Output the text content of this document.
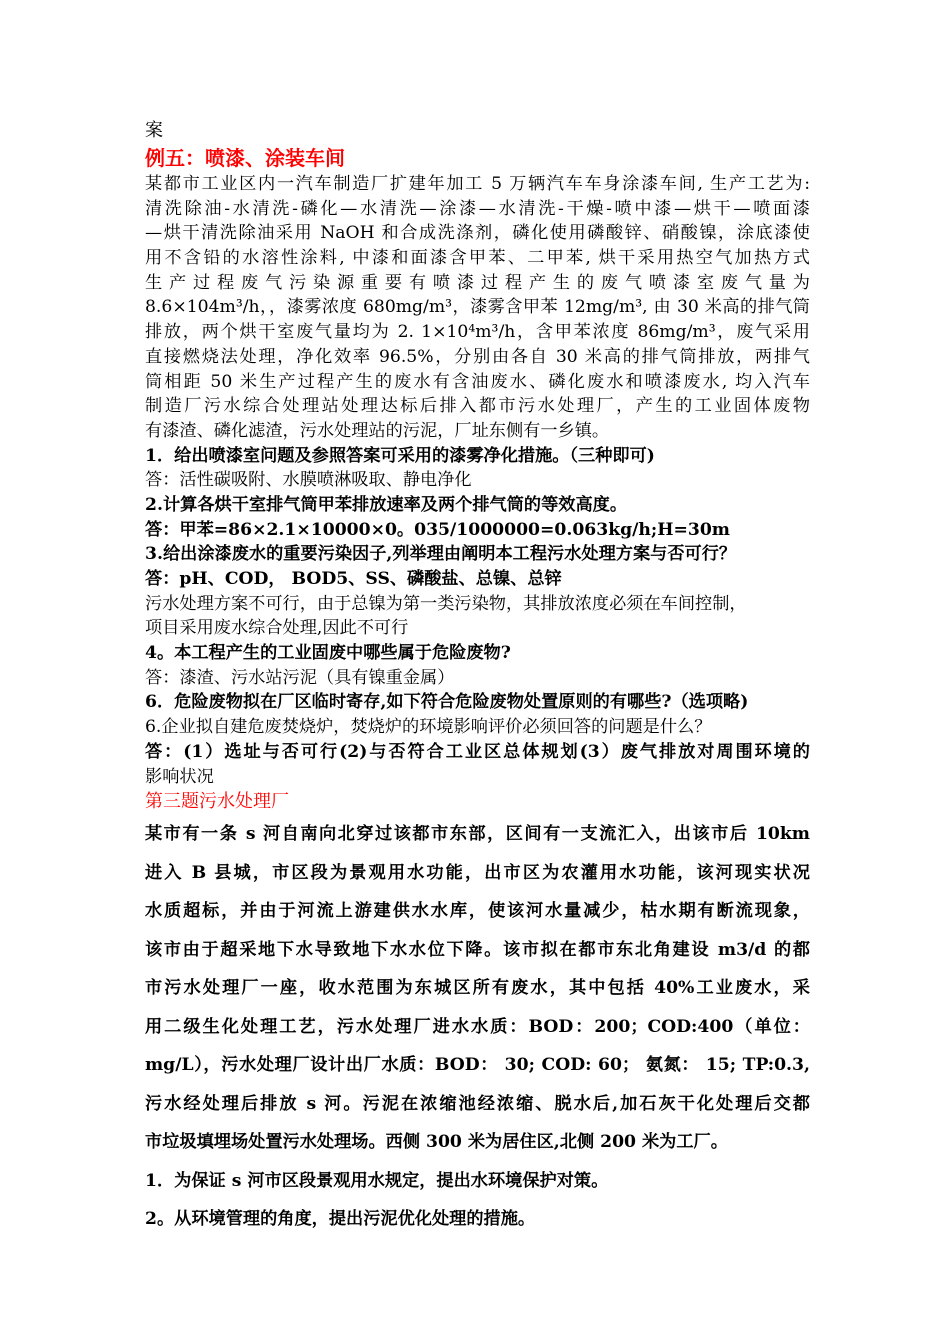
案
例五：喷漆、涂装车间
某都市工业区内一汽车制造厂扩建年加工 5 万辆汽车车身涂漆车间, 生产工艺为:
清洗除油-水清洗-磷化—水清洗—涂漆—水清洗-干燥-喷中漆—烘干—喷面漆
—烘干清洗除油采用 NaOH 和合成洗涤剂，磷化使用磷酸锌、硝酸镍，涂底漆使
用不含铅的水溶性涂料, 中漆和面漆含甲苯、二甲苯, 烘干采用热空气加热方式
生产过程废气污染源重要有喷漆过程产生的废气喷漆室废气量为
8.6×104m³/h，，漆雾浓度 680mg/m³，漆雾含甲苯 12mg/m³, 由 30 米高的排气筒
排放，两个烘干室废气量均为 2. 1×10⁴m³/h，含甲苯浓度 86mg/m³，废气采用
直接燃烧法处理，净化效率 96.5%，分别由各自 30 米高的排气筒排放，两排气
筒相距 50 米生产过程产生的废水有含油废水、磷化废水和喷漆废水, 均入汽车
制造厂污水综合处理站处理达标后排入都市污水处理厂，产生的工业固体废物
有漆渣、磷化滤渣，污水处理站的污泥，厂址东侧有一乡镇。
1．给出喷漆室问题及参照答案可采用的漆雾净化措施。（三种即可)
答：活性碳吸附、水膜喷淋吸取、静电净化
2.计算各烘干室排气筒甲苯排放速率及两个排气筒的等效高度。
答：甲苯=86×2.1×10000×0。035/1000000=0.063kg/h;H=30m
3.给出涂漆废水的重要污染因子,列举理由阐明本工程污水处理方案与否可行？
答：pH、COD， BOD5、SS、磷酸盐、总镍、总锌
污水处理方案不可行，由于总镍为第一类污染物，其排放浓度必须在车间控制，
项目采用废水综合处理,因此不可行
4。本工程产生的工业固废中哪些属于危险废物?
答：漆渣、污水站污泥（具有镍重金属）
6．危险废物拟在厂区临时寄存,如下符合危险废物处置原则的有哪些?（选项略)
6.企业拟自建危废焚烧炉，焚烧炉的环境影响评价必须回答的问题是什么？
答：(1）选址与否可行(2)与否符合工业区总体规划(3）废气排放对周围环境的
影响状况
第三题污水处理厂
某市有一条 s 河自南向北穿过该都市东部，区间有一支流汇入，出该市后 10km
进入 B 县城，市区段为景观用水功能，出市区为农灌用水功能，该河现实状况
水质超标，并由于河流上游建供水水库，使该河水量减少，枯水期有断流现象，
该市由于超采地下水导致地下水水位下降。该市拟在都市东北角建设 m3/d 的都
市污水处理厂一座，收水范围为东城区所有废水，其中包括 40%工业废水，采
用二级生化处理工艺，污水处理厂进水水质：BOD：200；COD:400（单位：
mg/L），污水处理厂设计出厂水质：BOD： 30; COD: 60； 氨氮： 15; TP:0.3,
污水经处理后排放 s 河。污泥在浓缩池经浓缩、脱水后,加石灰干化处理后交都
市垃圾填埋场处置污水处理场。西侧 300 米为居住区,北侧 200 米为工厂。
1．为保证 s 河市区段景观用水规定，提出水环境保护对策。
2。从环境管理的角度，提出污泥优化处理的措施。
